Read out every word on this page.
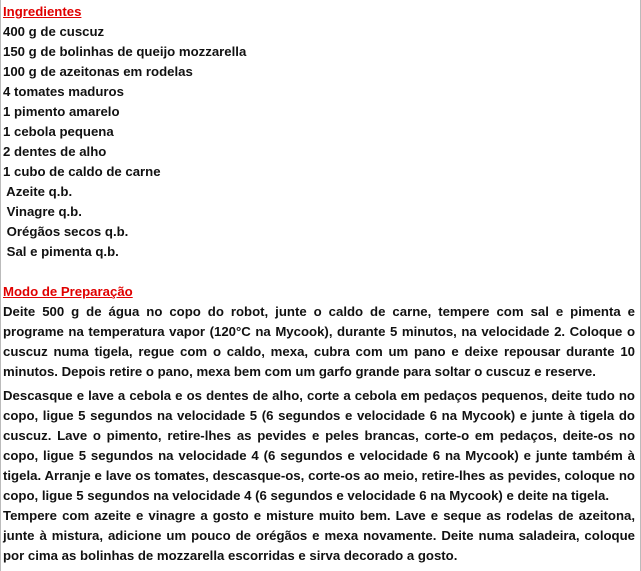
Ingredientes
400 g de cuscuz
150 g de bolinhas de queijo mozzarella
100 g de azeitonas em rodelas
4 tomates maduros
1 pimento amarelo
1 cebola pequena
2 dentes de alho
1 cubo de caldo de carne
Azeite q.b.
Vinagre q.b.
Orégãos secos q.b.
Sal e pimenta q.b.
Modo de Preparação
Deite 500 g de água no copo do robot, junte o caldo de carne, tempere com sal e pimenta e programe na temperatura vapor (120°C na Mycook), durante 5 minutos, na velocidade 2. Coloque o cuscuz numa tigela, regue com o caldo, mexa, cubra com um pano e deixe repousar durante 10 minutos. Depois retire o pano, mexa bem com um garfo grande para soltar o cuscuz e reserve.
Descasque e lave a cebola e os dentes de alho, corte a cebola em pedaços pequenos, deite tudo no copo, ligue 5 segundos na velocidade 5 (6 segundos e velocidade 6 na Mycook) e junte à tigela do cuscuz. Lave o pimento, retire-lhes as pevides e peles brancas, corte-o em pedaços, deite-os no copo, ligue 5 segundos na velocidade 4 (6 segundos e velocidade 6 na Mycook) e junte também à tigela. Arranje e lave os tomates, descasque-os, corte-os ao meio, retire-lhes as pevides, coloque no copo, ligue 5 segundos na velocidade 4 (6 segundos e velocidade 6 na Mycook) e deite na tigela.
Tempere com azeite e vinagre a gosto e misture muito bem. Lave e seque as rodelas de azeitona, junte à mistura, adicione um pouco de orégãos e mexa novamente. Deite numa saladeira, coloque por cima as bolinhas de mozzarella escorridas e sirva decorado a gosto.
